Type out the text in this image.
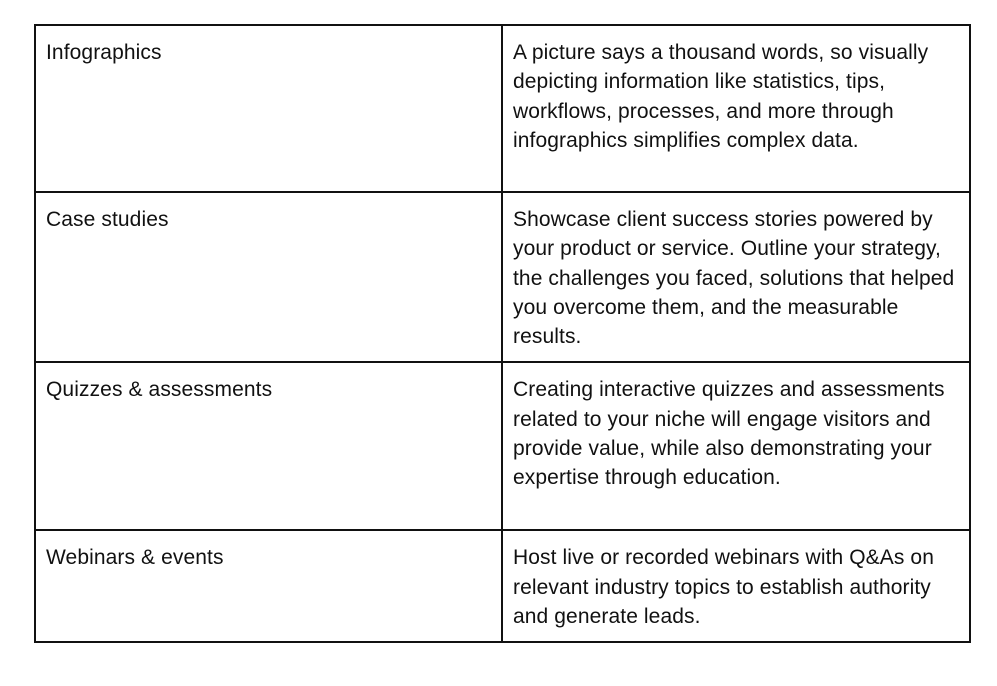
Infographics	A picture says a thousand words, so visually depicting information like statistics, tips, workflows, processes, and more through infographics simplifies complex data.
Case studies	Showcase client success stories powered by your product or service. Outline your strategy, the challenges you faced, solutions that helped you overcome them, and the measurable results.
Quizzes & assessments	Creating interactive quizzes and assessments related to your niche will engage visitors and provide value, while also demonstrating your expertise through education.
Webinars & events	Host live or recorded webinars with Q&As on relevant industry topics to establish authority and generate leads.
